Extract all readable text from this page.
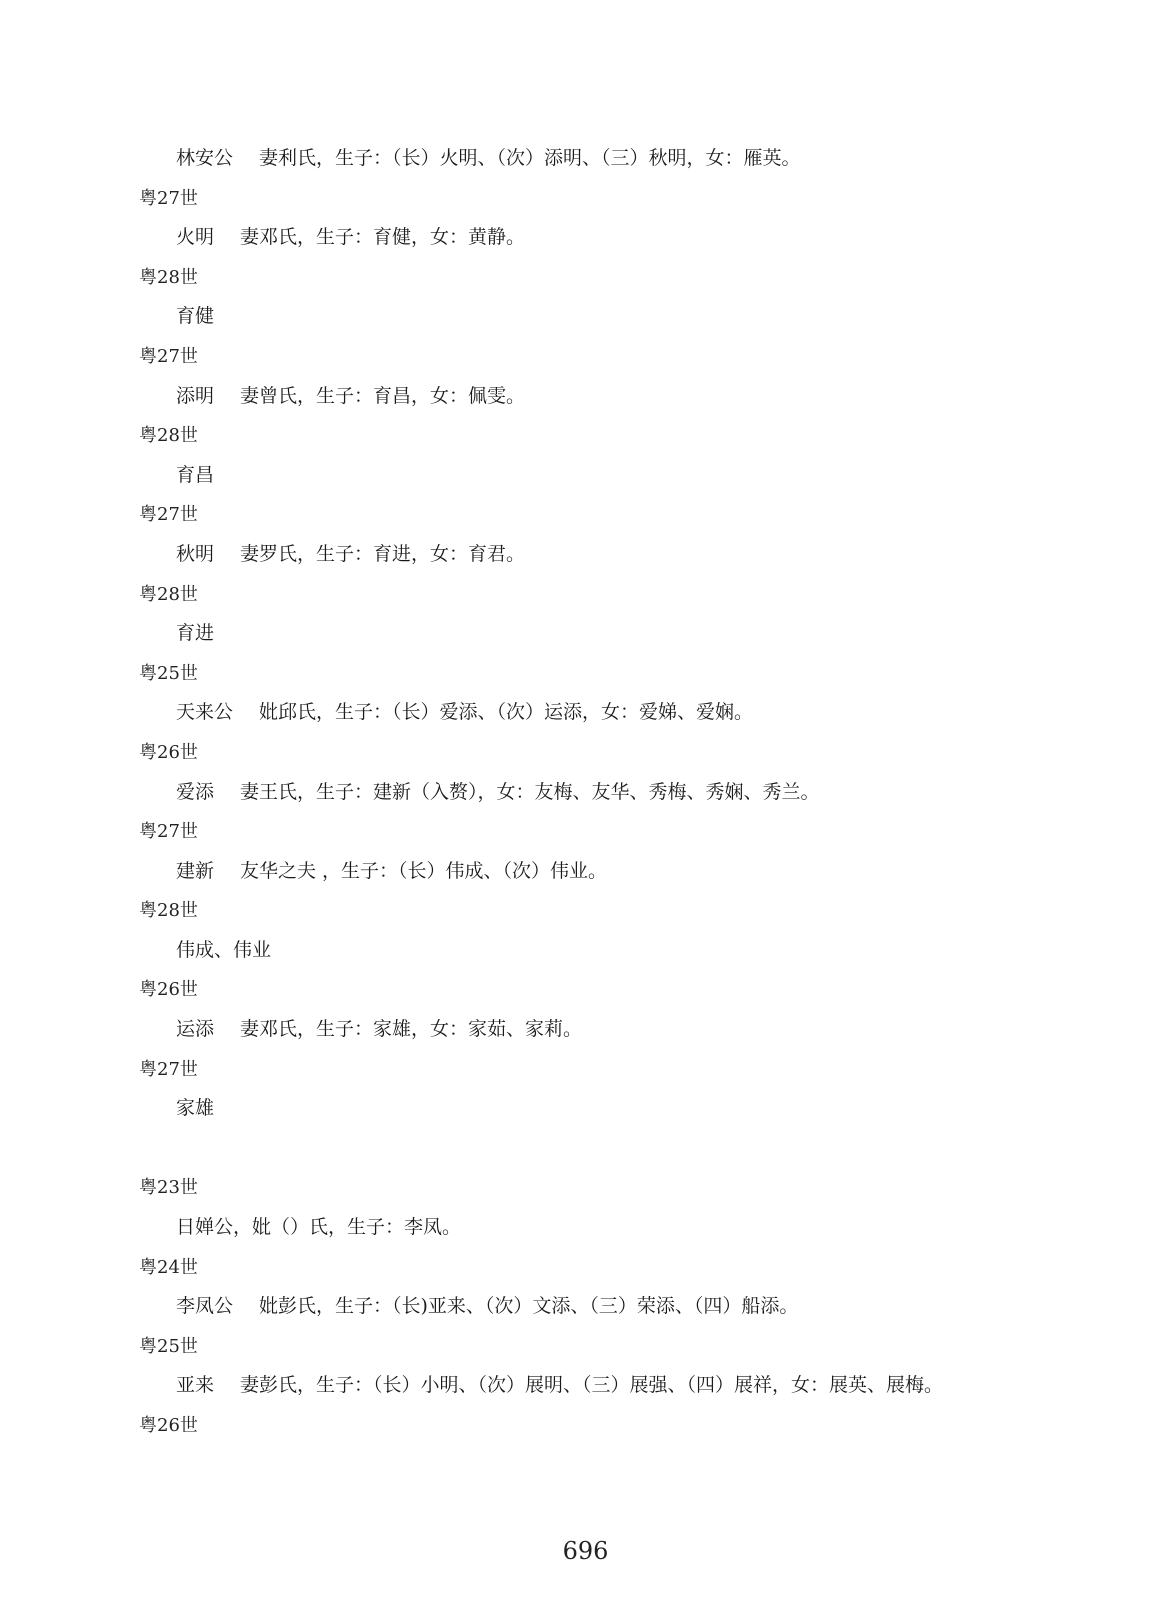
林安公 妻利氏，生子：（长）火明、（次）添明、（三）秋明，女：雁英。
粤27世
火明 妻邓氏，生子：育健，女：黄静。
粤28世
育健
粤27世
添明 妻曾氏，生子：育昌，女：佩雯。
粤28世
育昌
粤27世
秋明 妻罗氏，生子：育进，女：育君。
粤28世
育进
粤25世
天来公 妣邱氏，生子：（长）爱添、（次）运添，女：爱娣、爱娴。
粤26世
爱添 妻王氏，生子：建新（入赘），女：友梅、友华、秀梅、秀娴、秀兰。
粤27世
建新 友华之夫 ，生子：（长）伟成、（次）伟业。
粤28世
伟成、伟业
粤26世
运添 妻邓氏，生子：家雄，女：家茹、家莉。
粤27世
家雄
粤23世
日婵公，妣（）氏，生子：李凤。
粤24世
李凤公 妣彭氏，生子：（长)亚来、（次）文添、（三）荣添、（四）船添。
粤25世
亚来 妻彭氏，生子：（长）小明、（次）展明、（三）展强、（四）展祥，女：展英、展梅。
粤26世
696
